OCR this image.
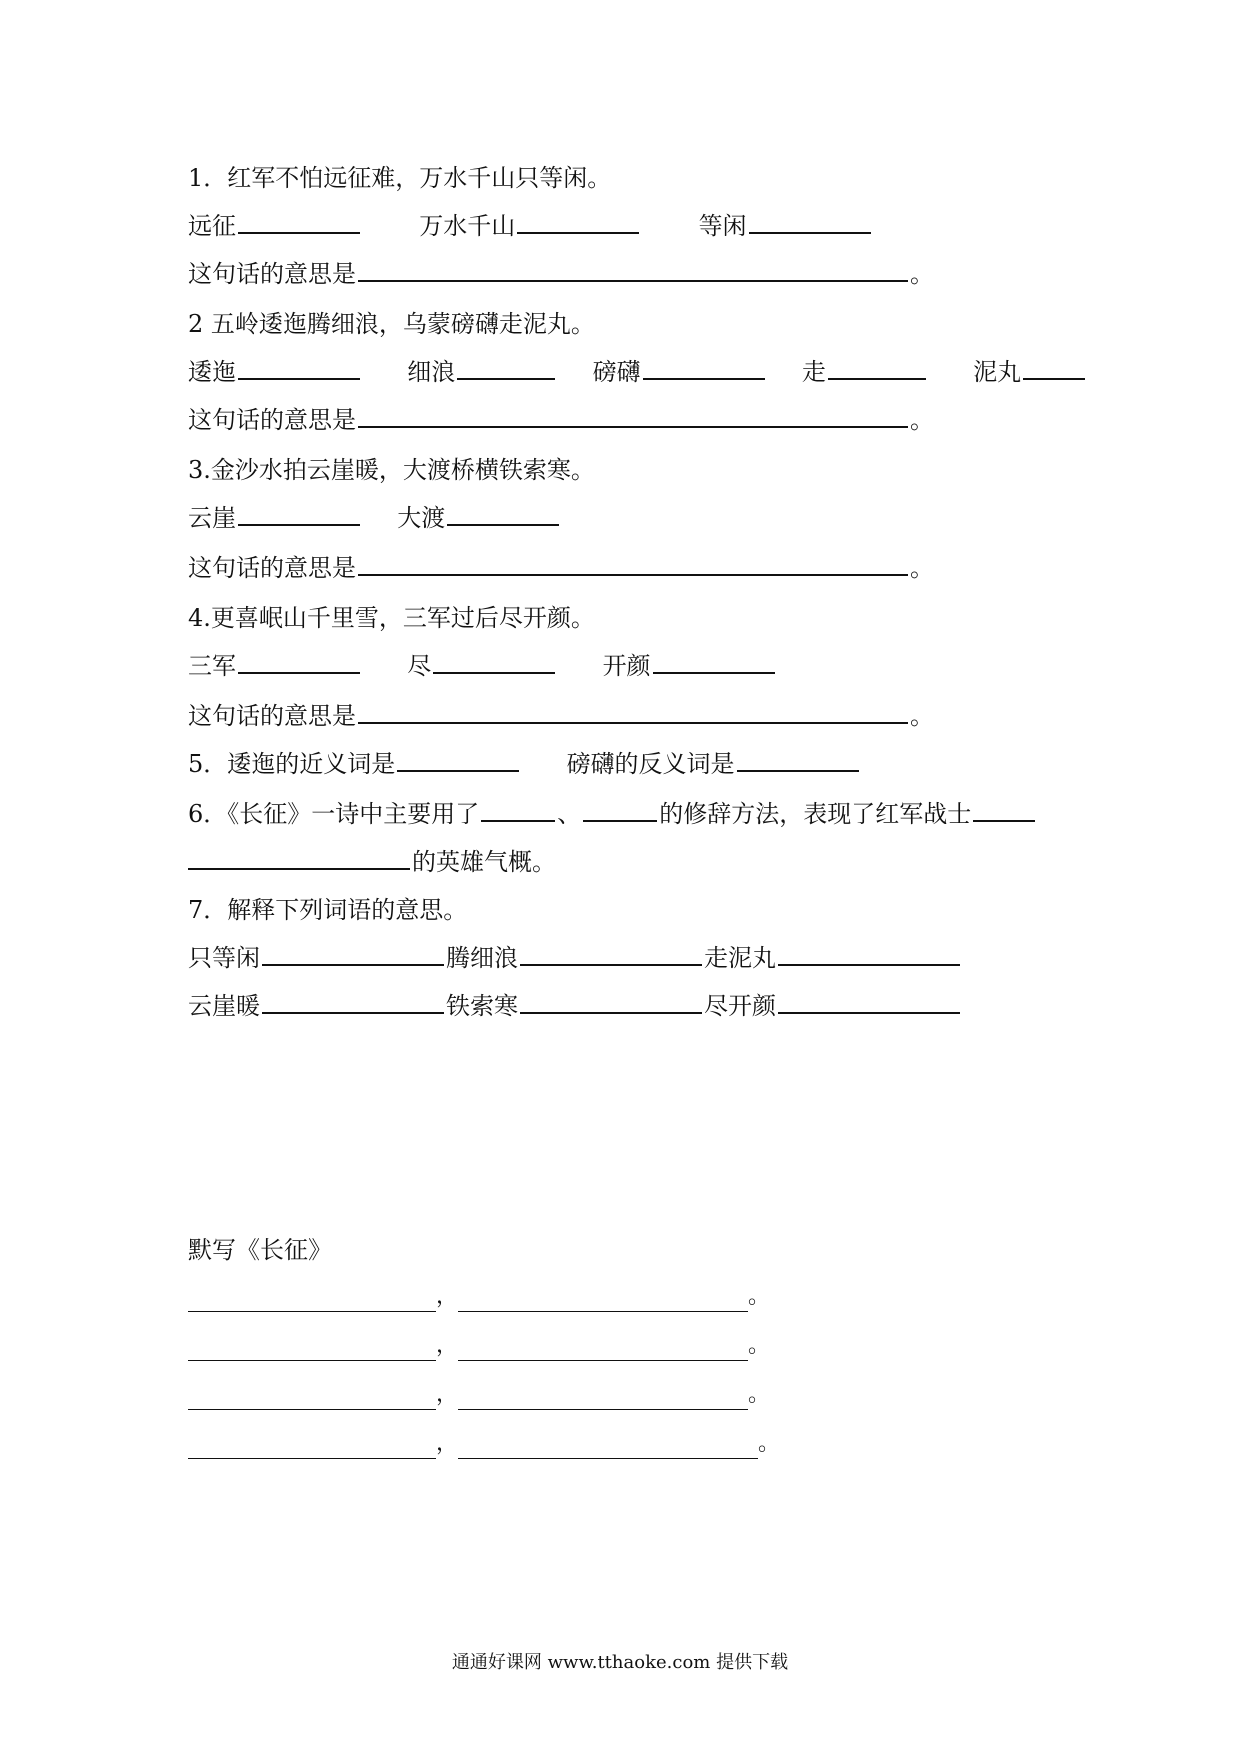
1．红军不怕远征难，万水千山只等闲。
远征	万水千山	等闲
这句话的意思是	。
2 五岭逶迤腾细浪，乌蒙磅礴走泥丸。
逶迤	细浪	磅礴	走	泥丸
这句话的意思是	。
3.金沙水拍云崖暖，大渡桥横铁索寒。
云崖	大渡
这句话的意思是	。
4.更喜岷山千里雪，三军过后尽开颜。
三军	尽	开颜
这句话的意思是	。
5．逶迤的近义词是	磅礴的反义词是
6．《长征》一诗中主要用了	、	的修辞方法，表现了红军战士
的英雄气概。
7．解释下列词语的意思。
只等闲	腾细浪	走泥丸
云崖暖	铁索寒	尽开颜
默写《长征》
，	。
，	。
，	。
，	。
通通好课网 www.tthaoke.com 提供下载
